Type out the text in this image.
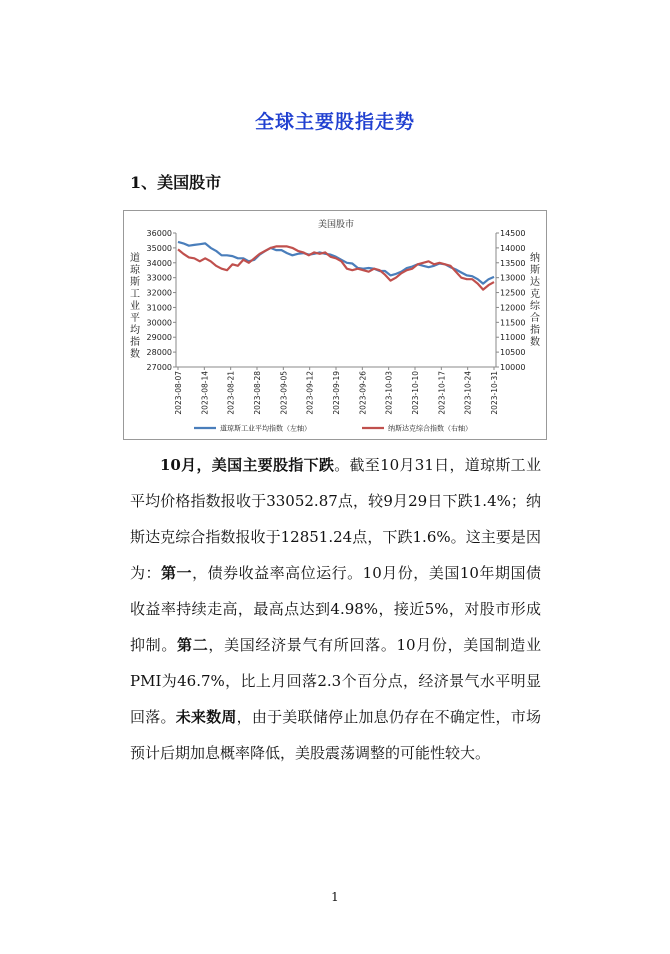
全球主要股指走势
1、美国股市
美国股市
27000
28000
29000
30000
31000
32000
33000
34000
35000
36000
10000
10500
11000
11500
12000
12500
13000
13500
14000
14500
2023-08-07 2023-08-14 2023-08-21 2023-08-28 2023-09-05 2023-09-12 2023-09-19 2023-09-26 2023-10-03 2023-10-10 2023-10-17 2023-10-24 2023-10-31
道琼斯工业平均指数（左轴）	纳斯达克综合指数（右轴）
道琼斯工业平均指数
纳斯达克综合指数
10月，美国主要股指下跌。截至10月31日，道琼斯工业平均价格指数报收于33052.87点，较9月29日下跌1.4%；纳斯达克综合指数报收于12851.24点，下跌1.6%。这主要是因为：第一，债券收益率高位运行。10月份，美国10年期国债收益率持续走高，最高点达到4.98%，接近5%，对股市形成抑制。第二，美国经济景气有所回落。10月份，美国制造业PMI为46.7%，比上月回落2.3个百分点，经济景气水平明显回落。未来数周，由于美联储停止加息仍存在不确定性，市场预计后期加息概率降低，美股震荡调整的可能性较大。
1
